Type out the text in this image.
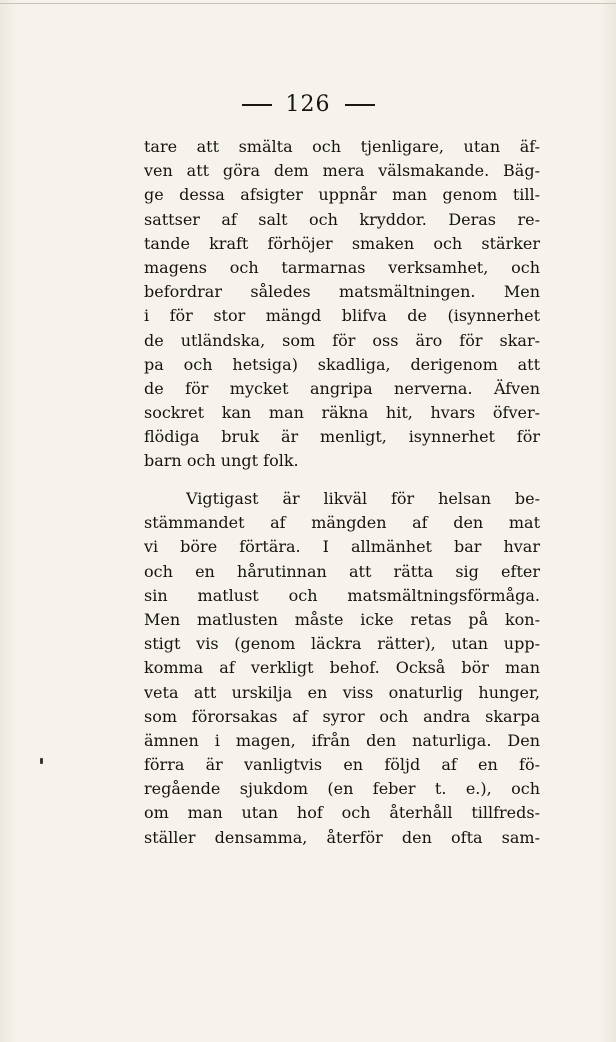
126
tare att smälta och tjenligare, utan äf-
ven att göra dem mera välsmakande. Bäg-
ge dessa afsigter uppnår man genom till-
sattser af salt och kryddor. Deras re-
tande kraft förhöjer smaken och stärker
magens och tarmarnas verksamhet, och
befordrar således matsmältningen. Men
i för stor mängd blifva de (isynnerhet
de utländska, som för oss äro för skar-
pa och hetsiga) skadliga, derigenom att
de för mycket angripa nerverna. Äfven
sockret kan man räkna hit, hvars öfver-
flödiga bruk är menligt, isynnerhet för
barn och ungt folk.
Vigtigast är likväl för helsan be-
stämmandet af mängden af den mat
vi böre förtära. I allmänhet bar hvar
och en hårutinnan att rätta sig efter
sin matlust och matsmältningsförmåga.
Men matlusten måste icke retas på kon-
stigt vis (genom läckra rätter), utan upp-
komma af verkligt behof. Också bör man
veta att urskilja en viss onaturlig hunger,
som förorsakas af syror och andra skarpa
ämnen i magen, ifrån den naturliga. Den
förra är vanligtvis en följd af en fö-
regående sjukdom (en feber t. e.), och
om man utan hof och återhåll tillfreds-
ställer densamma, återför den ofta sam-
